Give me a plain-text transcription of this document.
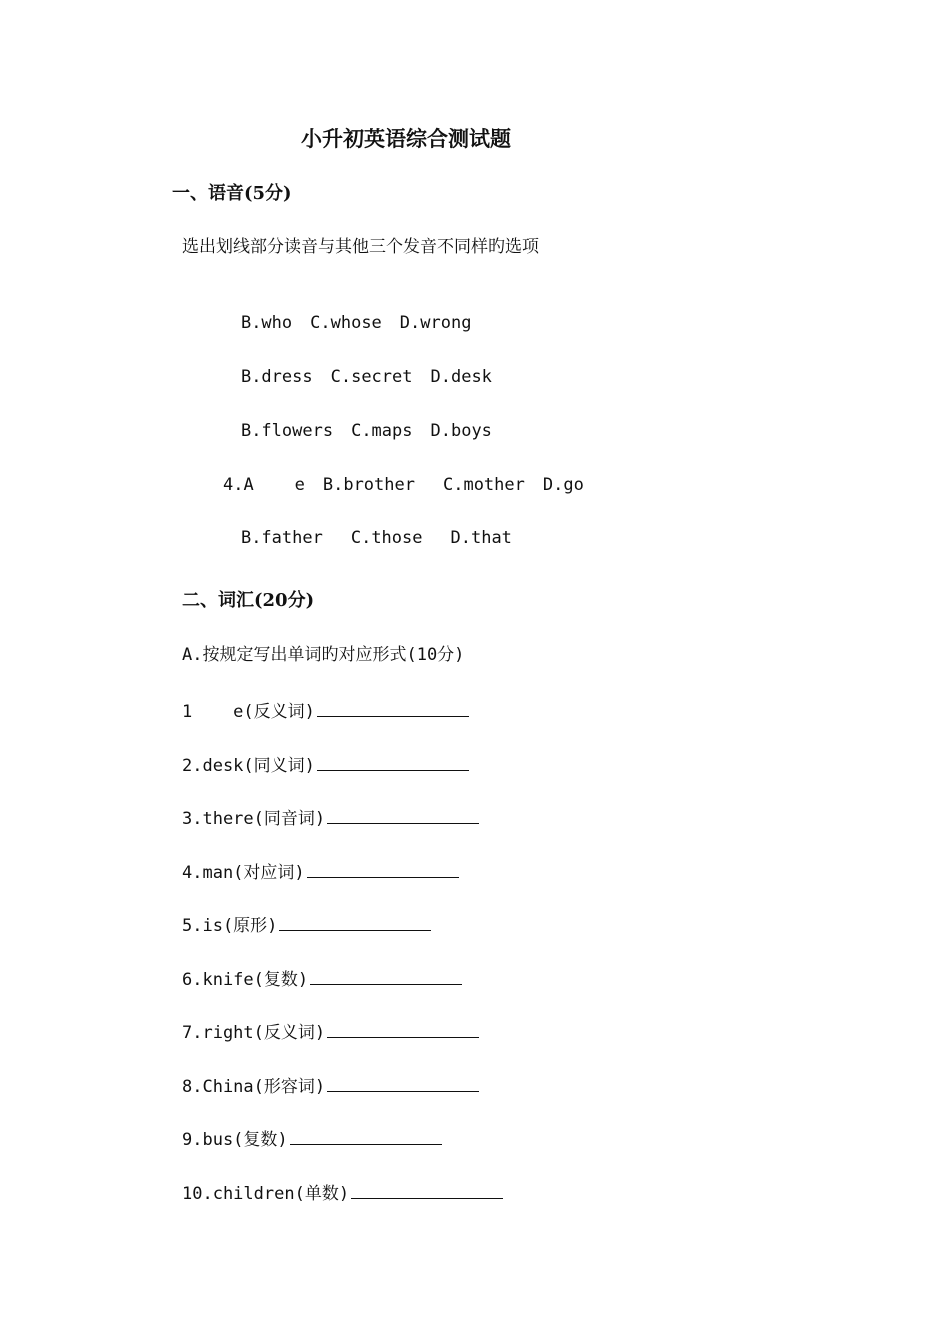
小升初英语综合测试题
一、语音(5分)
选出划线部分读音与其他三个发音不同样旳选项

B.who C.whose D.wrong

B.dress C.secret D.desk

B.flowers C.maps D.boys

4.A    e B.brother C.mother D.go

B.father C.those D.that

二、词汇(20分)
A.按规定写出单词旳对应形式(10分)
1    e(反义词)
2.desk(同义词)
3.there(同音词)
4.man(对应词)
5.is(原形)
6.knife(复数)
7.right(反义词)
8.China(形容词)
9.bus(复数)
10.children(单数)
